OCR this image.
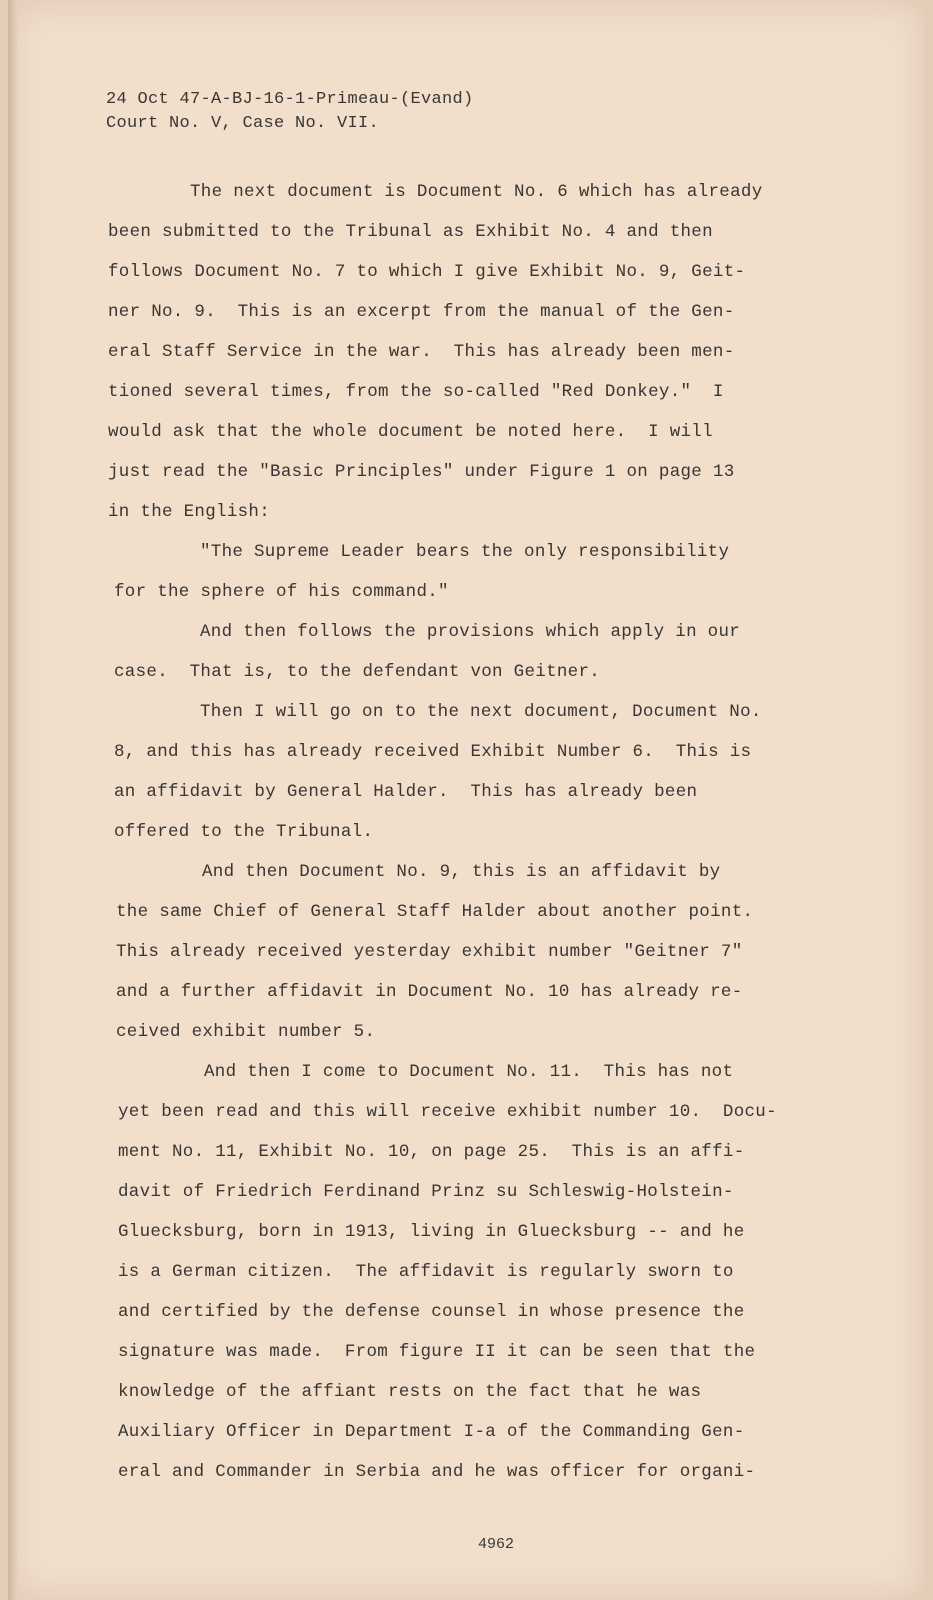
24 Oct 47-A-BJ-16-1-Primeau-(Evand)

Court No. V, Case No. VII.

The next document is Document No. 6 which has already

been submitted to the Tribunal as Exhibit No. 4 and then

follows Document No. 7 to which I give Exhibit No. 9, Geit-

ner No. 9.  This is an excerpt from the manual of the Gen-

eral Staff Service in the war.  This has already been men-

tioned several times, from the so-called "Red Donkey."  I

would ask that the whole document be noted here.  I will

just read the "Basic Principles" under Figure 1 on page 13

in the English:

"The Supreme Leader bears the only responsibility

for the sphere of his command."

And then follows the provisions which apply in our

case.  That is, to the defendant von Geitner.

Then I will go on to the next document, Document No.

8, and this has already received Exhibit Number 6.  This is

an affidavit by General Halder.  This has already been

offered to the Tribunal.

And then Document No. 9, this is an affidavit by

the same Chief of General Staff Halder about another point.

This already received yesterday exhibit number "Geitner 7"

and a further affidavit in Document No. 10 has already re-

ceived exhibit number 5.

And then I come to Document No. 11.  This has not

yet been read and this will receive exhibit number 10.  Docu-

ment No. 11, Exhibit No. 10, on page 25.  This is an affi-

davit of Friedrich Ferdinand Prinz su Schleswig-Holstein-

Gluecksburg, born in 1913, living in Gluecksburg -- and he

is a German citizen.  The affidavit is regularly sworn to

and certified by the defense counsel in whose presence the

signature was made.  From figure II it can be seen that the

knowledge of the affiant rests on the fact that he was

Auxiliary Officer in Department I-a of the Commanding Gen-

eral and Commander in Serbia and he was officer for organi-

4962
